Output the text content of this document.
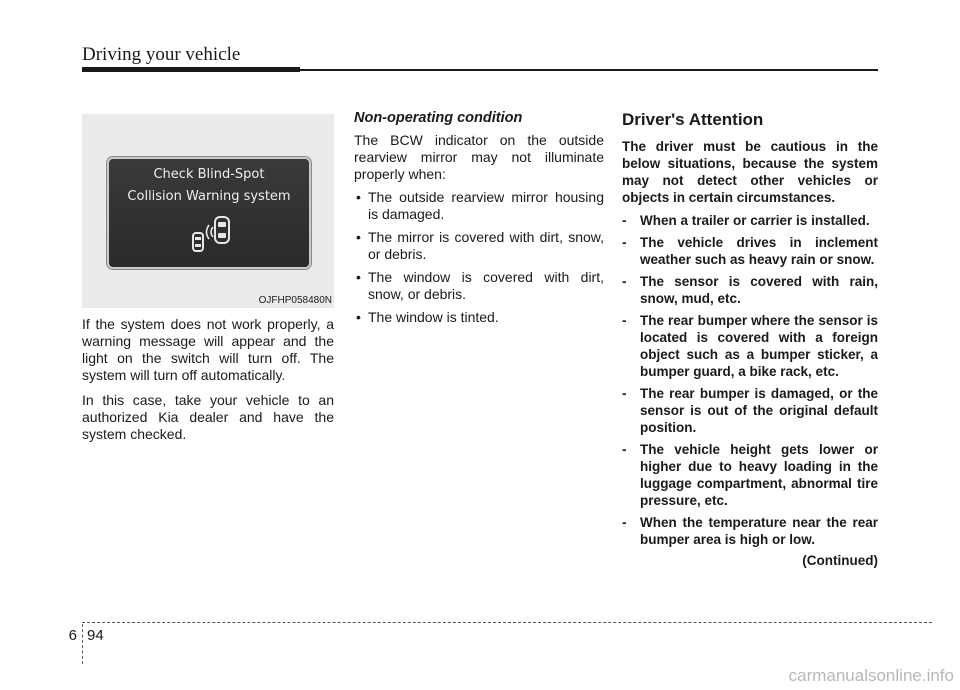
Driving your vehicle
Check Blind-Spot
Collision Warning system
OJFHP058480N

If the system does not work properly, a warning message will appear and the light on the switch will turn off. The system will turn off automatically.

In this case, take your vehicle to an authorized Kia dealer and have the system checked.

Non-operating condition

The BCW indicator on the outside rearview mirror may not illuminate properly when:

• The outside rearview mirror housing is damaged.
• The mirror is covered with dirt, snow, or debris.
• The window is covered with dirt, snow, or debris.
• The window is tinted.
Driver's Attention

The driver must be cautious in the below situations, because the system may not detect other vehicles or objects in certain circumstances.

- When a trailer or carrier is installed.
- The vehicle drives in inclement weather such as heavy rain or snow.
- The sensor is covered with rain, snow, mud, etc.
- The rear bumper where the sensor is located is covered with a foreign object such as a bumper sticker, a bumper guard, a bike rack, etc.
- The rear bumper is damaged, or the sensor is out of the original default position.
- The vehicle height gets lower or higher due to heavy loading in the luggage compartment, abnormal tire pressure, etc.
- When the temperature near the rear bumper area is high or low.
(Continued)
6 94
carmanualsonline.info
